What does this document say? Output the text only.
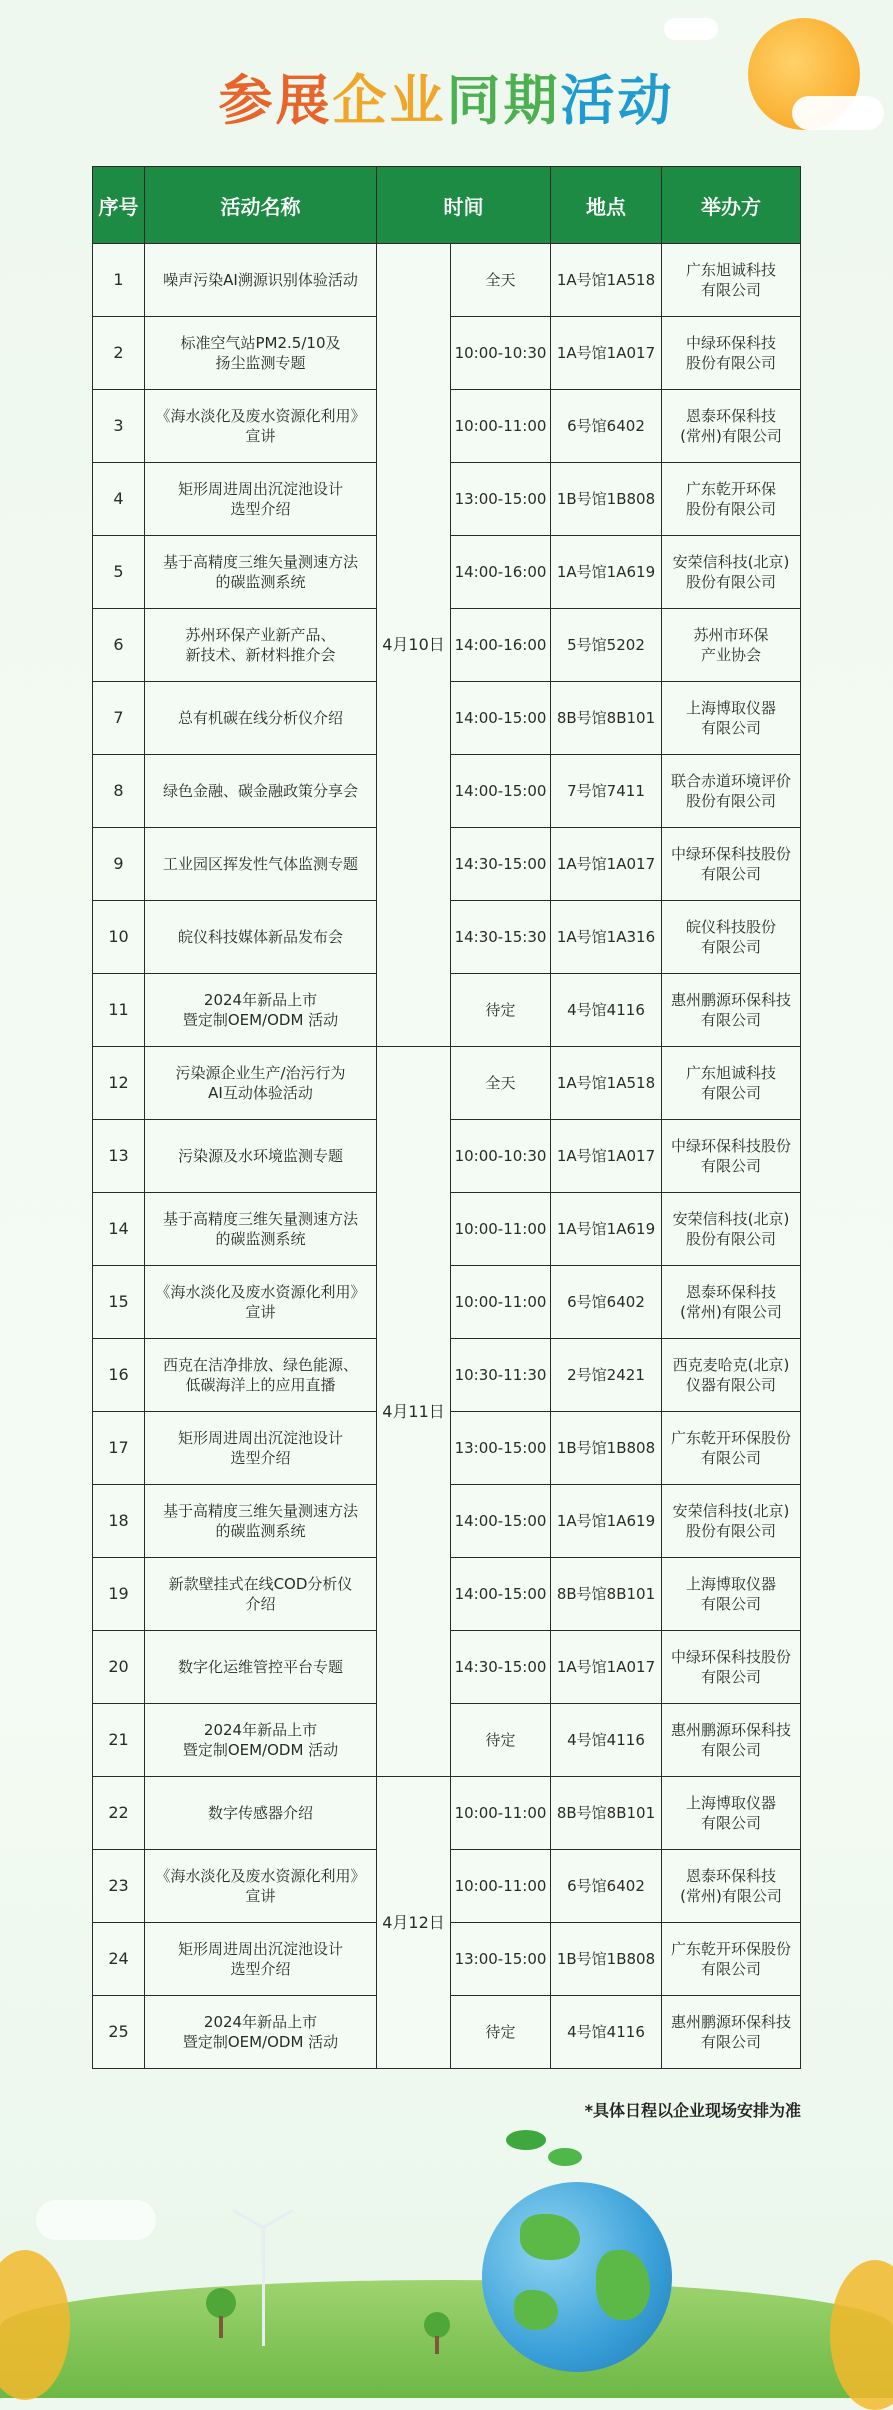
参展企业同期活动
序号	活动名称	时间		地点	举办方
1	噪声污染AI溯源识别体验活动	4月10日	全天	1A号馆1A518	广东旭诚科技
有限公司
2	标准空气站PM2.5/10及
扬尘监测专题		10:00-10:30	1A号馆1A017	中绿环保科技
股份有限公司
3	《海水淡化及废水资源化利用》
宣讲		10:00-11:00	6号馆6402	恩泰环保科技
(常州)有限公司
4	矩形周进周出沉淀池设计
选型介绍		13:00-15:00	1B号馆1B808	广东乾开环保
股份有限公司
5	基于高精度三维矢量测速方法
的碳监测系统		14:00-16:00	1A号馆1A619	安荣信科技(北京)
股份有限公司
6	苏州环保产业新产品、
新技术、新材料推介会		14:00-16:00	5号馆5202	苏州市环保
产业协会
7	总有机碳在线分析仪介绍		14:00-15:00	8B号馆8B101	上海博取仪器
有限公司
8	绿色金融、碳金融政策分享会		14:00-15:00	7号馆7411	联合赤道环境评价
股份有限公司
9	工业园区挥发性气体监测专题		14:30-15:00	1A号馆1A017	中绿环保科技股份
有限公司
10	皖仪科技媒体新品发布会		14:30-15:30	1A号馆1A316	皖仪科技股份
有限公司
11	2024年新品上市
暨定制OEM/ODM 活动		待定	4号馆4116	惠州鹏源环保科技
有限公司
12	污染源企业生产/治污行为
AI互动体验活动	4月11日	全天	1A号馆1A518	广东旭诚科技
有限公司
13	污染源及水环境监测专题		10:00-10:30	1A号馆1A017	中绿环保科技股份
有限公司
14	基于高精度三维矢量测速方法
的碳监测系统		10:00-11:00	1A号馆1A619	安荣信科技(北京)
股份有限公司
15	《海水淡化及废水资源化利用》
宣讲		10:00-11:00	6号馆6402	恩泰环保科技
(常州)有限公司
16	西克在洁净排放、绿色能源、
低碳海洋上的应用直播		10:30-11:30	2号馆2421	西克麦哈克(北京)
仪器有限公司
17	矩形周进周出沉淀池设计
选型介绍		13:00-15:00	1B号馆1B808	广东乾开环保股份
有限公司
18	基于高精度三维矢量测速方法
的碳监测系统		14:00-15:00	1A号馆1A619	安荣信科技(北京)
股份有限公司
19	新款壁挂式在线COD分析仪
介绍		14:00-15:00	8B号馆8B101	上海博取仪器
有限公司
20	数字化运维管控平台专题		14:30-15:00	1A号馆1A017	中绿环保科技股份
有限公司
21	2024年新品上市
暨定制OEM/ODM 活动		待定	4号馆4116	惠州鹏源环保科技
有限公司
22	数字传感器介绍	4月12日	10:00-11:00	8B号馆8B101	上海博取仪器
有限公司
23	《海水淡化及废水资源化利用》
宣讲		10:00-11:00	6号馆6402	恩泰环保科技
(常州)有限公司
24	矩形周进周出沉淀池设计
选型介绍		13:00-15:00	1B号馆1B808	广东乾开环保股份
有限公司
25	2024年新品上市
暨定制OEM/ODM 活动		待定	4号馆4116	惠州鹏源环保科技
有限公司
*具体日程以企业现场安排为准
